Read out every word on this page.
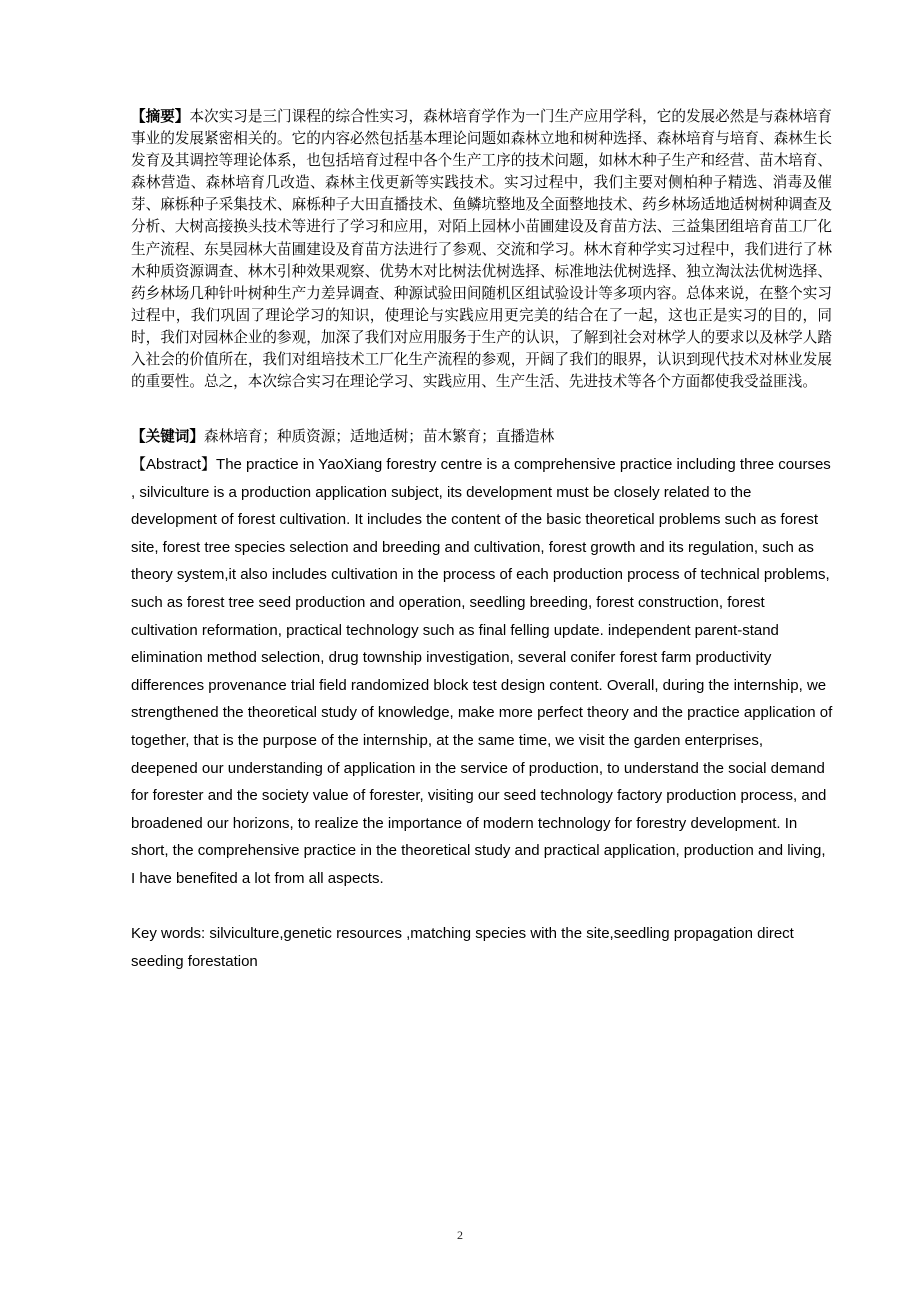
【摘要】本次实习是三门课程的综合性实习，森林培育学作为一门生产应用学科，它的发展必然是与森林培育事业的发展紧密相关的。它的内容必然包括基本理论问题如森林立地和树种选择、森林培育与培育、森林生长发育及其调控等理论体系，也包括培育过程中各个生产工序的技术问题，如林木种子生产和经营、苗木培育、森林营造、森林培育几改造、森林主伐更新等实践技术。实习过程中，我们主要对侧柏种子精选、消毒及催芽、麻栎种子采集技术、麻栎种子大田直播技术、鱼鳞坑整地及全面整地技术、药乡林场适地适树树种调查及分析、大树高接换头技术等进行了学习和应用，对陌上园林小苗圃建设及育苗方法、三益集团组培育苗工厂化生产流程、东昊园林大苗圃建设及育苗方法进行了参观、交流和学习。林木育种学实习过程中，我们进行了林木种质资源调查、林木引种效果观察、优势木对比树法优树选择、标准地法优树选择、独立淘汰法优树选择、药乡林场几种针叶树种生产力差异调查、种源试验田间随机区组试验设计等多项内容。总体来说，在整个实习过程中，我们巩固了理论学习的知识，使理论与实践应用更完美的结合在了一起，这也正是实习的目的，同时，我们对园林企业的参观，加深了我们对应用服务于生产的认识，了解到社会对林学人的要求以及林学人踏入社会的价值所在，我们对组培技术工厂化生产流程的参观，开阔了我们的眼界，认识到现代技术对林业发展的重要性。总之，本次综合实习在理论学习、实践应用、生产生活、先进技术等各个方面都使我受益匪浅。

【关键词】森林培育；种质资源；适地适树；苗木繁育；直播造林

【Abstract】The practice in YaoXiang forestry centre is a comprehensive practice including three courses , silviculture is a production application subject, its development must be closely related to the development of forest cultivation. It includes the content of the basic theoretical problems such as forest site, forest tree species selection and breeding and cultivation, forest growth and its regulation, such as theory system,it also includes cultivation in the process of each production process of technical problems, such as forest tree seed production and operation, seedling breeding, forest construction, forest cultivation reformation, practical technology such as final felling update. independent parent-stand elimination method selection, drug township investigation, several conifer forest farm productivity differences provenance trial field randomized block test design content. Overall, during the internship, we strengthened the theoretical study of knowledge, make more perfect theory and the practice application of together, that is the purpose of the internship, at the same time, we visit the garden enterprises, deepened our understanding of application in the service of production, to understand the social demand for forester and the society value of forester, visiting our seed technology factory production process, and broadened our horizons, to realize the importance of modern technology for forestry development. In short, the comprehensive practice in the theoretical study and practical application, production and living, I have benefited a lot from all aspects.

Key words: silviculture,genetic resources ,matching species with the site,seedling propagation direct seeding forestation

2
